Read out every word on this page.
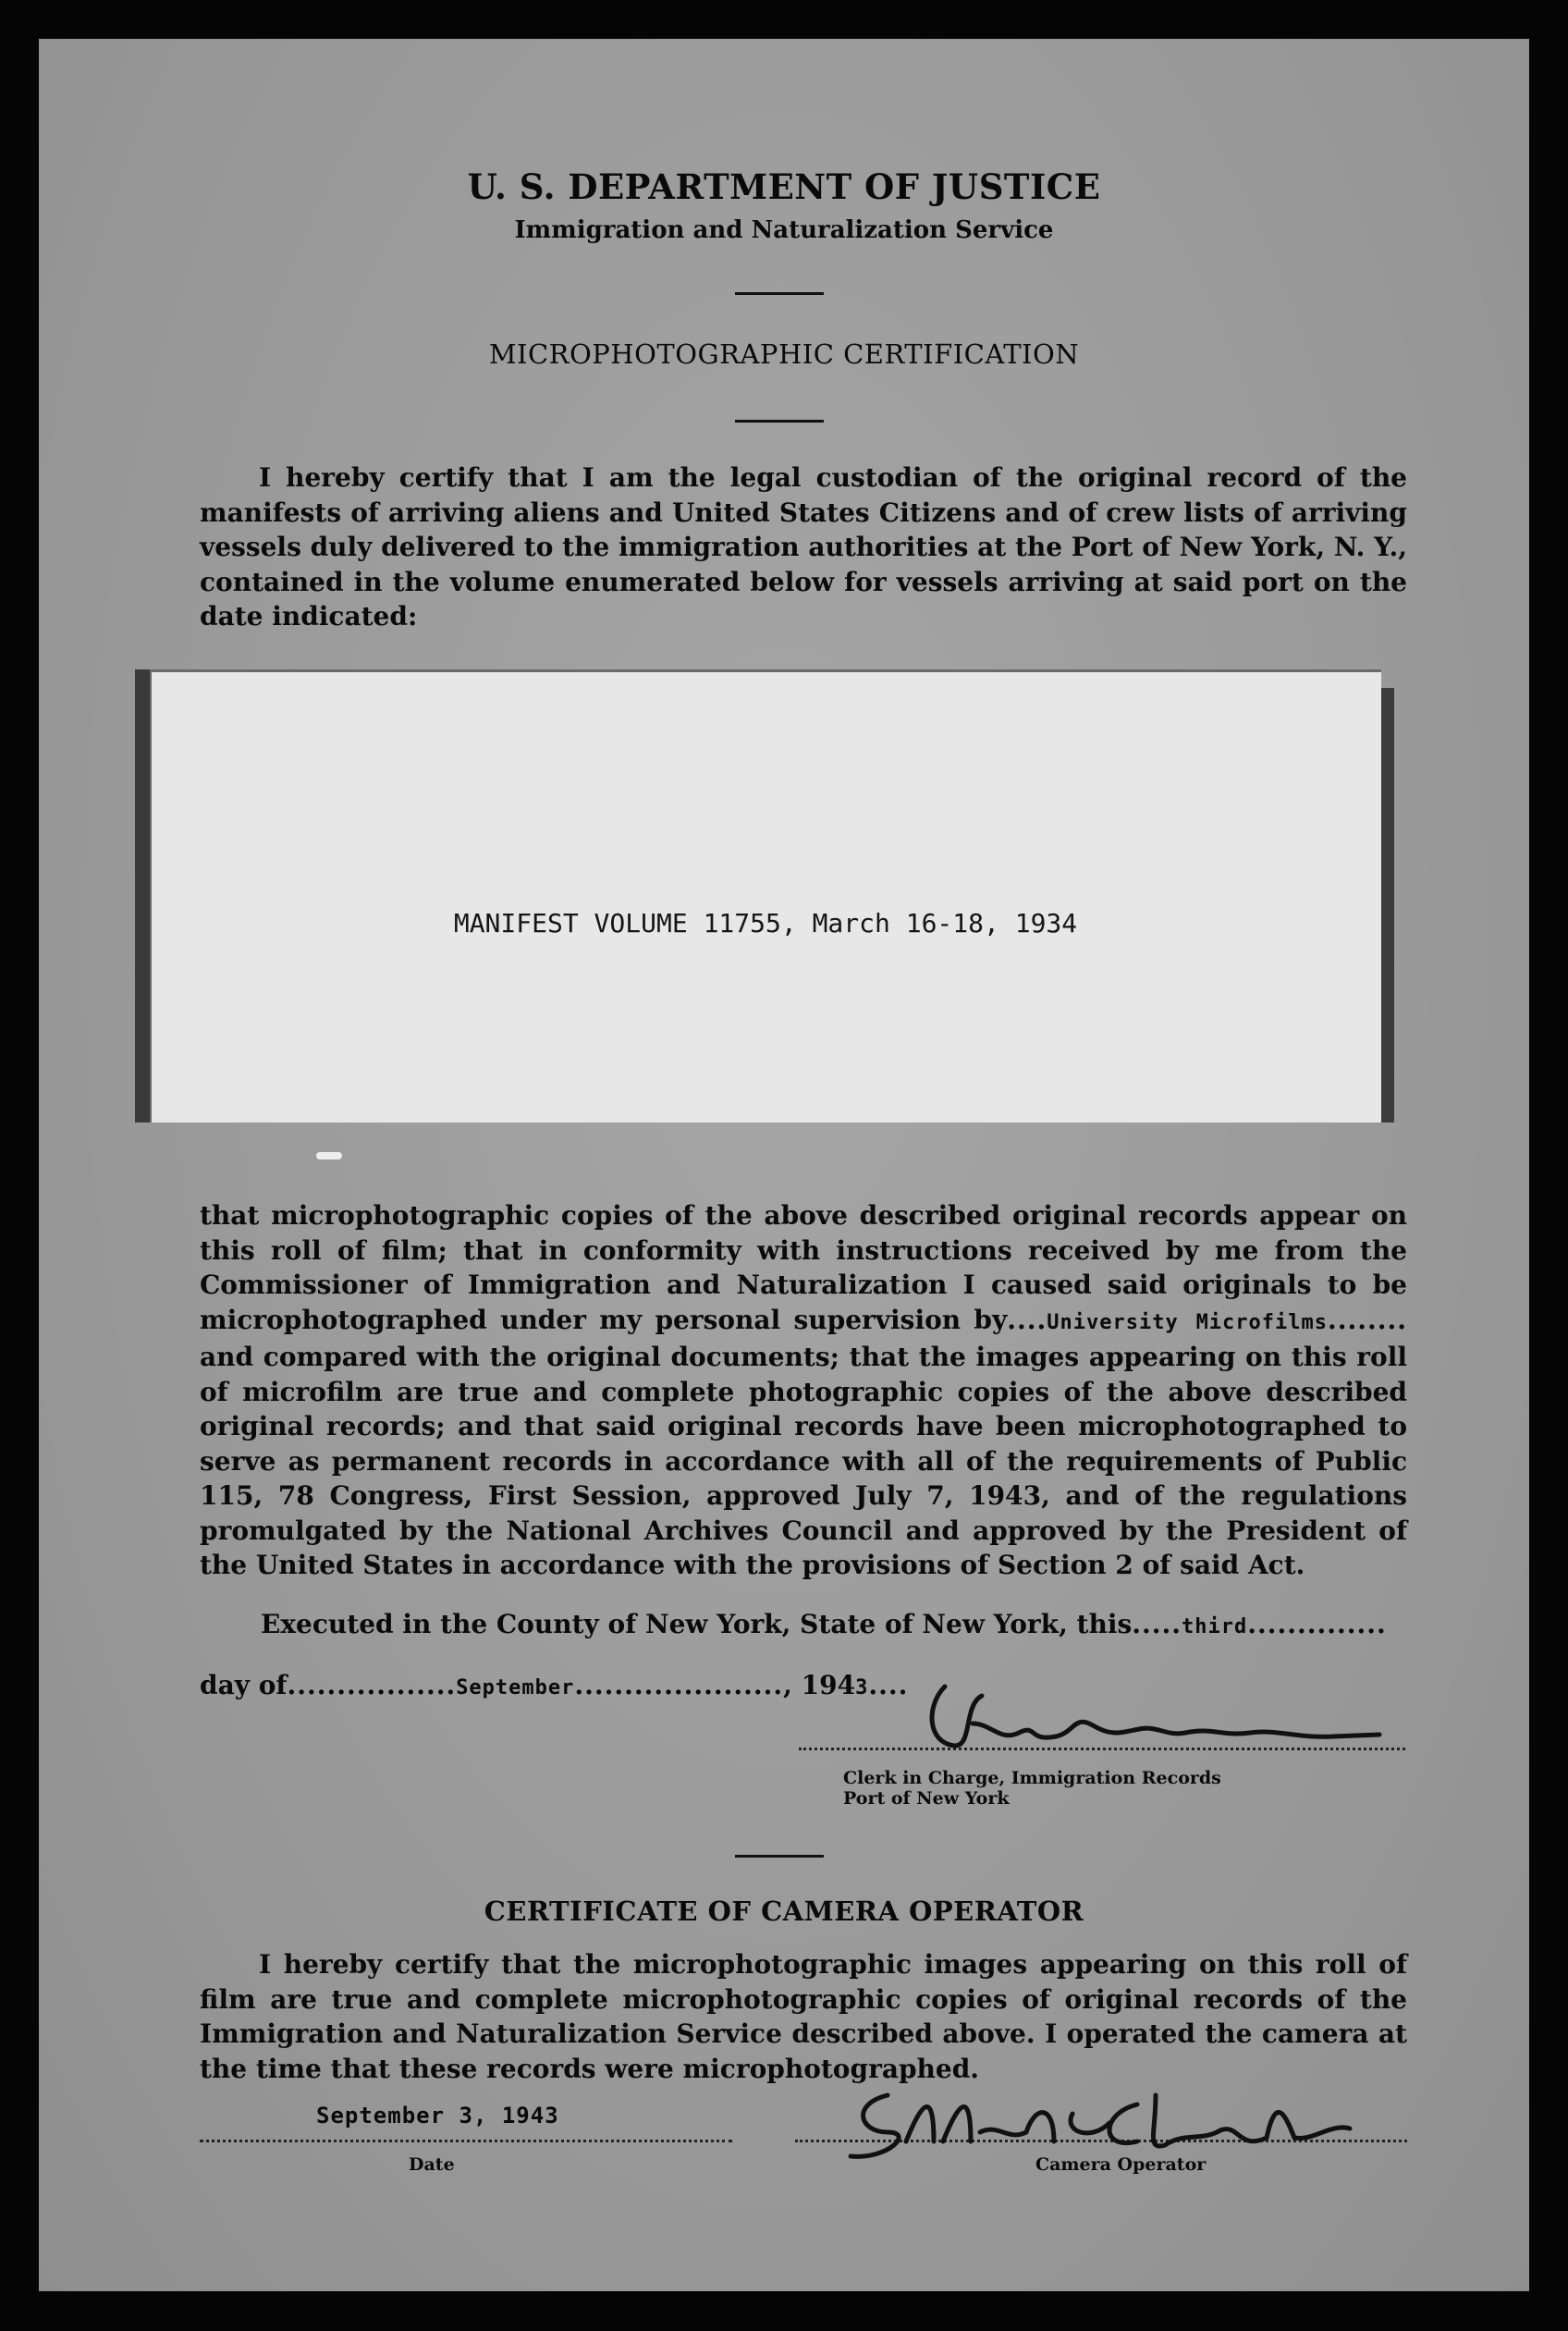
U. S. DEPARTMENT OF JUSTICE
Immigration and Naturalization Service
MICROPHOTOGRAPHIC CERTIFICATION

I hereby certify that I am the legal custodian of the original record of the manifests of arriving aliens and United States Citizens and of crew lists of arriving vessels duly delivered to the immigration authorities at the Port of New York, N. Y., contained in the volume enumerated below for vessels arriving at said port on the date indicated:

MANIFEST VOLUME 11755, March 16-18, 1934

that microphotographic copies of the above described original records appear on this roll of film; that in conformity with instructions received by me from the Commissioner of Immigration and Naturalization I caused said originals to be microphotographed under my personal supervision by....University Microfilms........ and compared with the original documents; that the images appearing on this roll of microfilm are true and complete photographic copies of the above described original records; and that said original records have been microphotographed to serve as permanent records in accordance with all of the requirements of Public 115, 78 Congress, First Session, approved July 7, 1943, and of the regulations promulgated by the National Archives Council and approved by the President of the United States in accordance with the provisions of Section 2 of said Act.

Executed in the County of New York, State of New York, this.....third..............
day of.................September....................., 1943....
Clerk in Charge, Immigration Records
Port of New York
CERTIFICATE OF CAMERA OPERATOR

I hereby certify that the microphotographic images appearing on this roll of film are true and complete microphotographic copies of original records of the Immigration and Naturalization Service described above. I operated the camera at the time that these records were microphotographed.

September 3, 1943
Date	Camera Operator
